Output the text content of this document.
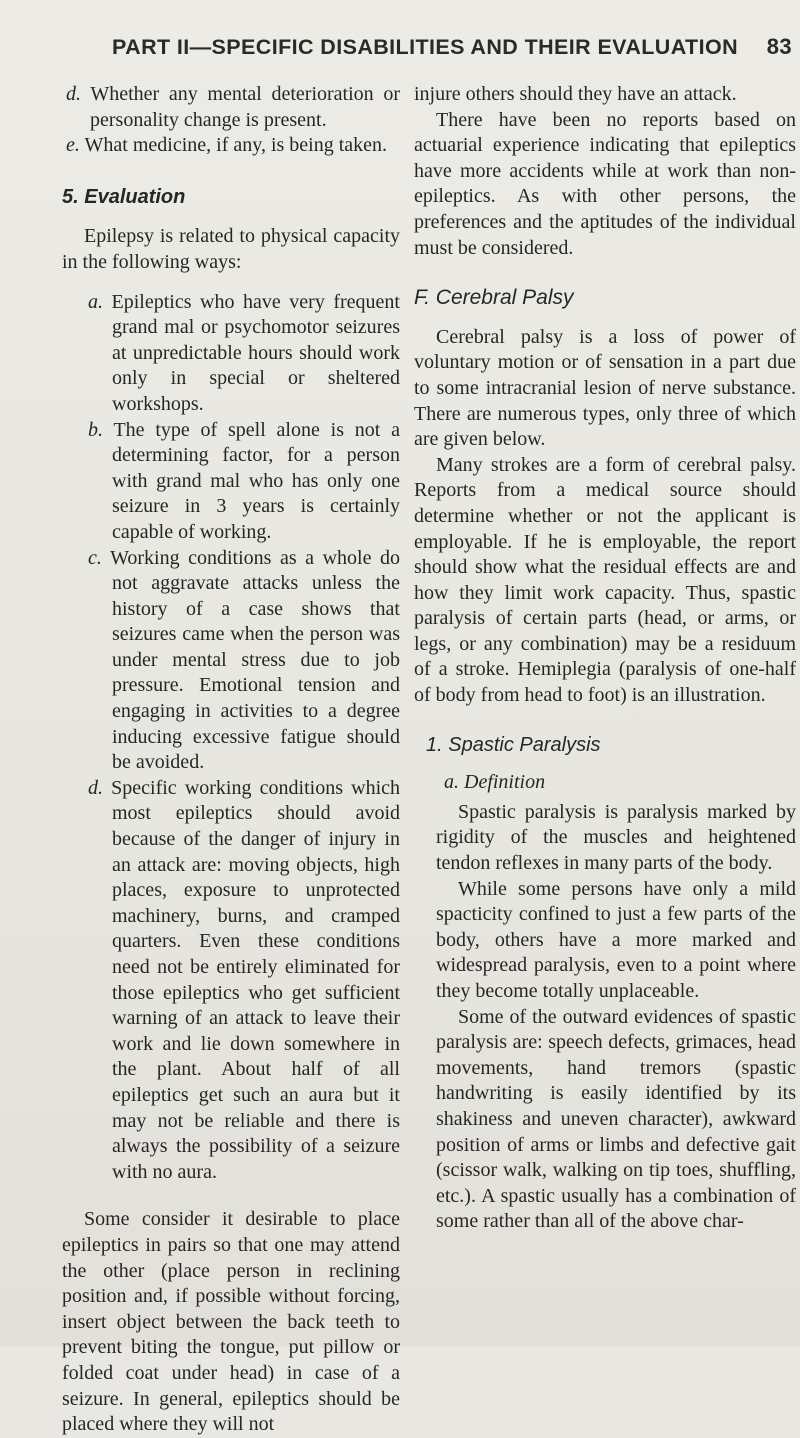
PART II—SPECIFIC DISABILITIES AND THEIR EVALUATION 83

d. Whether any mental deterioration or personality change is present.

e. What medicine, if any, is being taken.

5. Evaluation

Epilepsy is related to physical capacity in the following ways:

a. Epileptics who have very frequent grand mal or psychomotor seizures at unpredictable hours should work only in special or sheltered workshops.

b. The type of spell alone is not a determining factor, for a person with grand mal who has only one seizure in 3 years is certainly capable of working.

c. Working conditions as a whole do not aggravate attacks unless the history of a case shows that seizures came when the person was under mental stress due to job pressure. Emotional tension and engaging in activities to a degree inducing excessive fatigue should be avoided.

d. Specific working conditions which most epileptics should avoid because of the danger of injury in an attack are: moving objects, high places, exposure to unprotected machinery, burns, and cramped quarters. Even these conditions need not be entirely eliminated for those epileptics who get sufficient warning of an attack to leave their work and lie down somewhere in the plant. About half of all epileptics get such an aura but it may not be reliable and there is always the possibility of a seizure with no aura.

Some consider it desirable to place epileptics in pairs so that one may attend the other (place person in reclining position and, if possible without forcing, insert object between the back teeth to prevent biting the tongue, put pillow or folded coat under head) in case of a seizure. In general, epileptics should be placed where they will not

injure others should they have an attack.

There have been no reports based on actuarial experience indicating that epileptics have more accidents while at work than non-epileptics. As with other persons, the preferences and the aptitudes of the individual must be considered.

F. Cerebral Palsy

Cerebral palsy is a loss of power of voluntary motion or of sensation in a part due to some intracranial lesion of nerve substance. There are numerous types, only three of which are given below.

Many strokes are a form of cerebral palsy. Reports from a medical source should determine whether or not the applicant is employable. If he is employable, the report should show what the residual effects are and how they limit work capacity. Thus, spastic paralysis of certain parts (head, or arms, or legs, or any combination) may be a residuum of a stroke. Hemiplegia (paralysis of one-half of body from head to foot) is an illustration.

1. Spastic Paralysis
a. Definition

Spastic paralysis is paralysis marked by rigidity of the muscles and heightened tendon reflexes in many parts of the body.

While some persons have only a mild spacticity confined to just a few parts of the body, others have a more marked and widespread paralysis, even to a point where they become totally unplaceable.

Some of the outward evidences of spastic paralysis are: speech defects, grimaces, head movements, hand tremors (spastic handwriting is easily identified by its shakiness and uneven character), awkward position of arms or limbs and defective gait (scissor walk, walking on tip toes, shuffling, etc.). A spastic usually has a combination of some rather than all of the above char-
